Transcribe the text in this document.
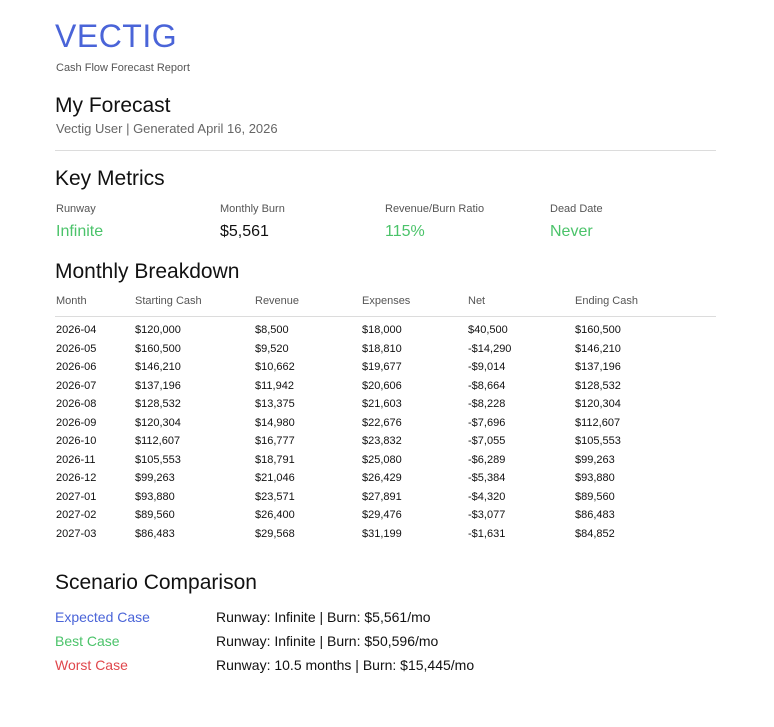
VECTIG
Cash Flow Forecast Report
My Forecast
Vectig User | Generated April 16, 2026
Key Metrics
Runway
Infinite
Monthly Burn
$5,561
Revenue/Burn Ratio
115%
Dead Date
Never
Monthly Breakdown
Month	Starting Cash	Revenue	Expenses	Net	Ending Cash
2026-04	$120,000	$8,500	$18,000	$40,500	$160,500
2026-05	$160,500	$9,520	$18,810	-$14,290	$146,210
2026-06	$146,210	$10,662	$19,677	-$9,014	$137,196
2026-07	$137,196	$11,942	$20,606	-$8,664	$128,532
2026-08	$128,532	$13,375	$21,603	-$8,228	$120,304
2026-09	$120,304	$14,980	$22,676	-$7,696	$112,607
2026-10	$112,607	$16,777	$23,832	-$7,055	$105,553
2026-11	$105,553	$18,791	$25,080	-$6,289	$99,263
2026-12	$99,263	$21,046	$26,429	-$5,384	$93,880
2027-01	$93,880	$23,571	$27,891	-$4,320	$89,560
2027-02	$89,560	$26,400	$29,476	-$3,077	$86,483
2027-03	$86,483	$29,568	$31,199	-$1,631	$84,852
Scenario Comparison
Expected Case	Runway: Infinite | Burn: $5,561/mo
Best Case	Runway: Infinite | Burn: $50,596/mo
Worst Case	Runway: 10.5 months | Burn: $15,445/mo
